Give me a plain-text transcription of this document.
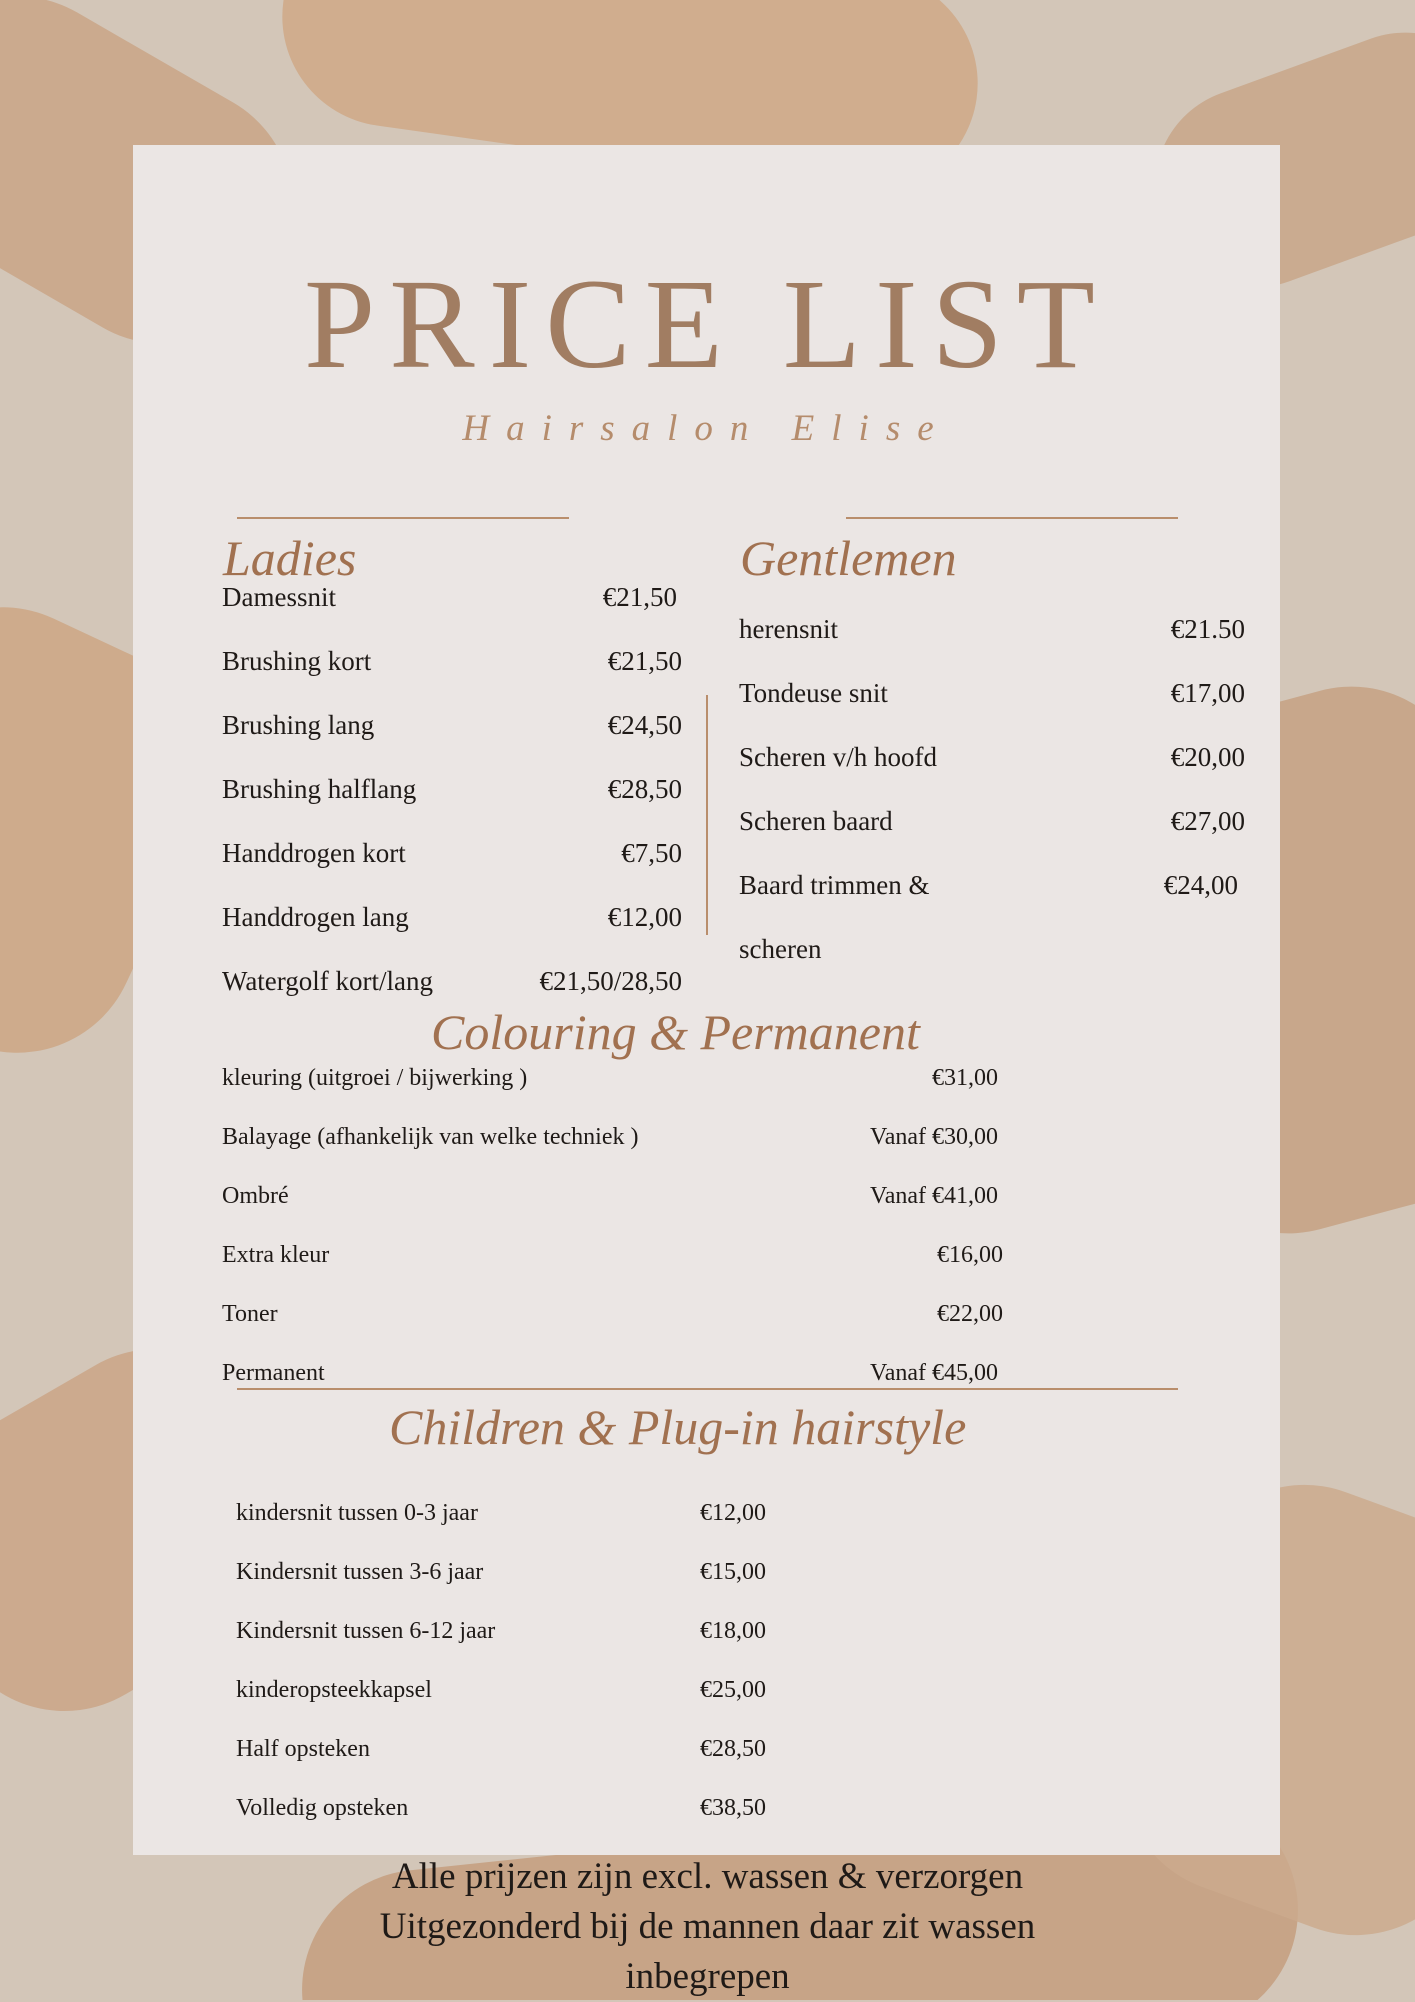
PRICE LIST
Hairsalon Elise
Ladies
Damessnit	€21,50
Brushing kort	€21,50
Brushing lang	€24,50
Brushing halflang	€28,50
Handdrogen kort	€7,50
Handdrogen lang	€12,00
Watergolf kort/lang	€21,50/28,50
Gentlemen
herensnit	€21.50
Tondeuse snit	€17,00
Scheren v/h hoofd	€20,00
Scheren baard	€27,00
Baard trimmen &	€24,00
scheren
Colouring & Permanent
kleuring (uitgroei / bijwerking )	€31,00
Balayage (afhankelijk van welke techniek )	Vanaf €30,00
Ombré	Vanaf €41,00
Extra kleur	€16,00
Toner	€22,00
Permanent	Vanaf €45,00
Children & Plug-in hairstyle
kindersnit tussen 0-3 jaar	€12,00
Kindersnit tussen 3-6 jaar	€15,00
Kindersnit tussen 6-12 jaar	€18,00
kinderopsteekkapsel	€25,00
Half opsteken	€28,50
Volledig opsteken	€38,50
Alle prijzen zijn excl. wassen & verzorgen
Uitgezonderd bij de mannen daar zit wassen
inbegrepen
